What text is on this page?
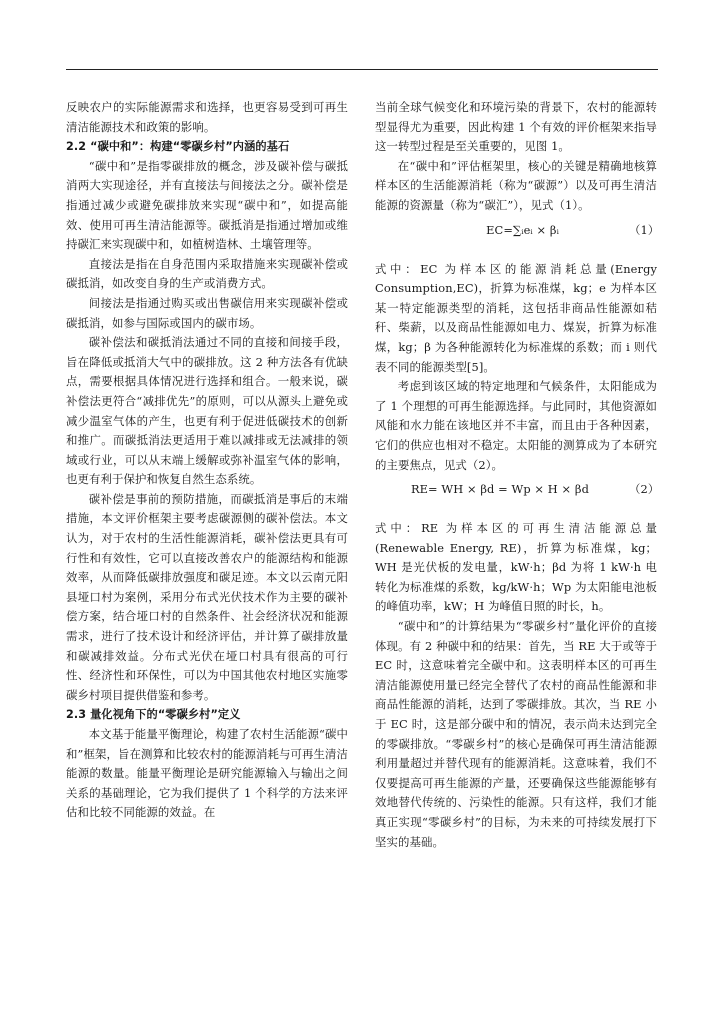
反映农户的实际能源需求和选择，也更容易受到可再生清洁能源技术和政策的影响。

2.2 “碳中和”：构建“零碳乡村”内涵的基石

“碳中和”是指零碳排放的概念，涉及碳补偿与碳抵消两大实现途径，并有直接法与间接法之分。碳补偿是指通过减少或避免碳排放来实现“碳中和”，如提高能效、使用可再生清洁能源等。碳抵消是指通过增加或维持碳汇来实现碳中和，如植树造林、土壤管理等。

直接法是指在自身范围内采取措施来实现碳补偿或碳抵消，如改变自身的生产或消费方式。

间接法是指通过购买或出售碳信用来实现碳补偿或碳抵消，如参与国际或国内的碳市场。

碳补偿法和碳抵消法通过不同的直接和间接手段，旨在降低或抵消大气中的碳排放。这 2 种方法各有优缺点，需要根据具体情况进行选择和组合。一般来说，碳补偿法更符合“减排优先”的原则，可以从源头上避免或减少温室气体的产生，也更有利于促进低碳技术的创新和推广。而碳抵消法更适用于难以减排或无法减排的领域或行业，可以从末端上缓解或弥补温室气体的影响，也更有利于保护和恢复自然生态系统。

碳补偿是事前的预防措施，而碳抵消是事后的末端措施，本文评价框架主要考虑碳源侧的碳补偿法。本文认为，对于农村的生活性能源消耗，碳补偿法更具有可行性和有效性，它可以直接改善农户的能源结构和能源效率，从而降低碳排放强度和碳足迹。本文以云南元阳县垭口村为案例，采用分布式光伏技术作为主要的碳补偿方案，结合垭口村的自然条件、社会经济状况和能源需求，进行了技术设计和经济评估，并计算了碳排放量和碳减排效益。分布式光伏在垭口村具有很高的可行性、经济性和环保性，可以为中国其他农村地区实施零碳乡村项目提供借鉴和参考。

2.3 量化视角下的“零碳乡村”定义

本文基于能量平衡理论，构建了农村生活能源“碳中和”框架，旨在测算和比较农村的能源消耗与可再生清洁能源的数量。能量平衡理论是研究能源输入与输出之间关系的基础理论，它为我们提供了 1 个科学的方法来评估和比较不同能源的效益。在

当前全球气候变化和环境污染的背景下，农村的能源转型显得尤为重要，因此构建 1 个有效的评价框架来指导这一转型过程是至关重要的，见图 1。

在“碳中和”评估框架里，核心的关键是精确地核算样本区的生活能源消耗（称为“碳源”）以及可再生清洁能源的资源量（称为“碳汇”），见式（1）。

EC=∑ᵢeᵢ × βᵢ	（1）

式中：EC 为样本区的能源消耗总量(Energy Consumption,EC)，折算为标准煤，kg；e 为样本区某一特定能源类型的消耗，这包括非商品性能源如秸秆、柴薪，以及商品性能源如电力、煤炭，折算为标准煤，kg；β 为各种能源转化为标准煤的系数；而 i 则代表不同的能源类型[5]。

考虑到该区域的特定地理和气候条件，太阳能成为了 1 个理想的可再生能源选择。与此同时，其他资源如风能和水力能在该地区并不丰富，而且由于各种因素，它们的供应也相对不稳定。太阳能的测算成为了本研究的主要焦点，见式（2）。

RE= WH × βd = Wp × H × βd	（2）

式中：RE 为样本区的可再生清洁能源总量(Renewable Energy, RE)，折算为标准煤，kg；WH 是光伏板的发电量，kW·h；βd 为将 1 kW·h 电转化为标准煤的系数，kg/kW·h；Wp 为太阳能电池板的峰值功率，kW；H 为峰值日照的时长，h。

“碳中和”的计算结果为“零碳乡村”量化评价的直接体现。有 2 种碳中和的结果：首先，当 RE 大于或等于 EC 时，这意味着完全碳中和。这表明样本区的可再生清洁能源使用量已经完全替代了农村的商品性能源和非商品性能源的消耗，达到了零碳排放。其次，当 RE 小于 EC 时，这是部分碳中和的情况，表示尚未达到完全的零碳排放。“零碳乡村”的核心是确保可再生清洁能源利用量超过并替代现有的能源消耗。这意味着，我们不仅要提高可再生能源的产量，还要确保这些能源能够有效地替代传统的、污染性的能源。只有这样，我们才能真正实现“零碳乡村”的目标，为未来的可持续发展打下坚实的基础。
